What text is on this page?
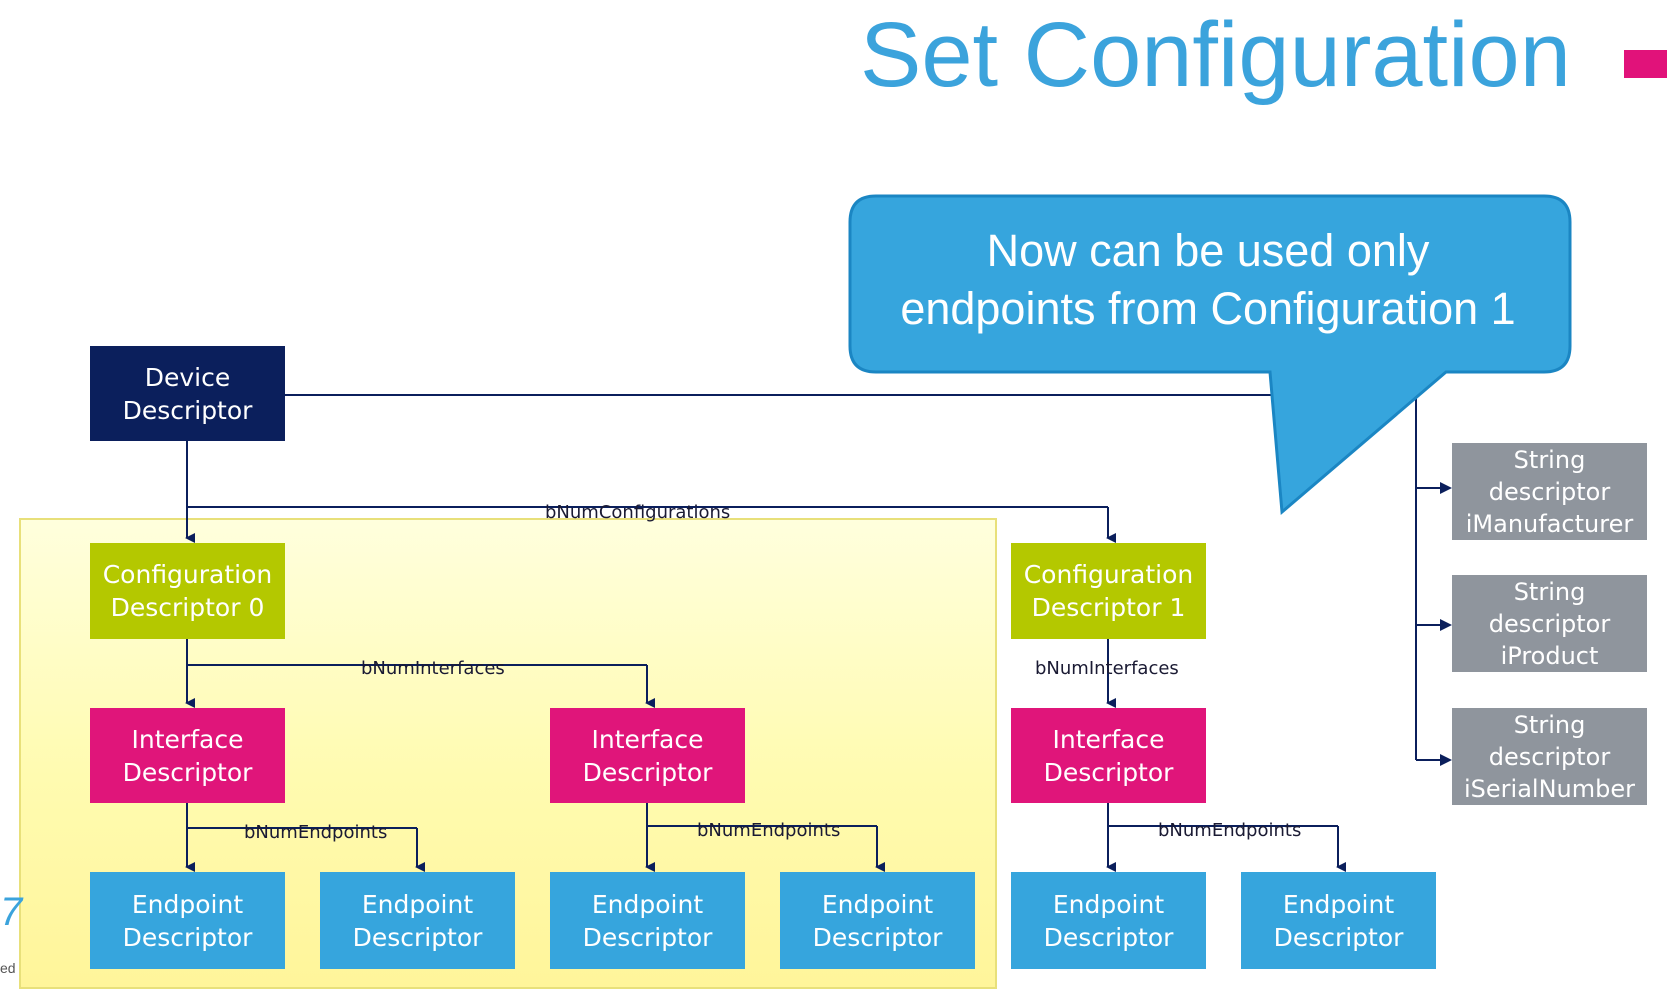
Set Configuration
7
ed
Now can be used only
endpoints from Configuration 1
bNumConfigurations
bNumInterfaces	bNumInterfaces
bNumEndpoints	bNumEndpoints	bNumEndpoints
Device
Descriptor
Configuration
Descriptor 0
Configuration
Descriptor 1
Interface
Descriptor
Interface
Descriptor
Interface
Descriptor
Endpoint
Descriptor
Endpoint
Descriptor
Endpoint
Descriptor
Endpoint
Descriptor
Endpoint
Descriptor
Endpoint
Descriptor
String
descriptor
iManufacturer
String
descriptor
iProduct
String
descriptor
iSerialNumber
